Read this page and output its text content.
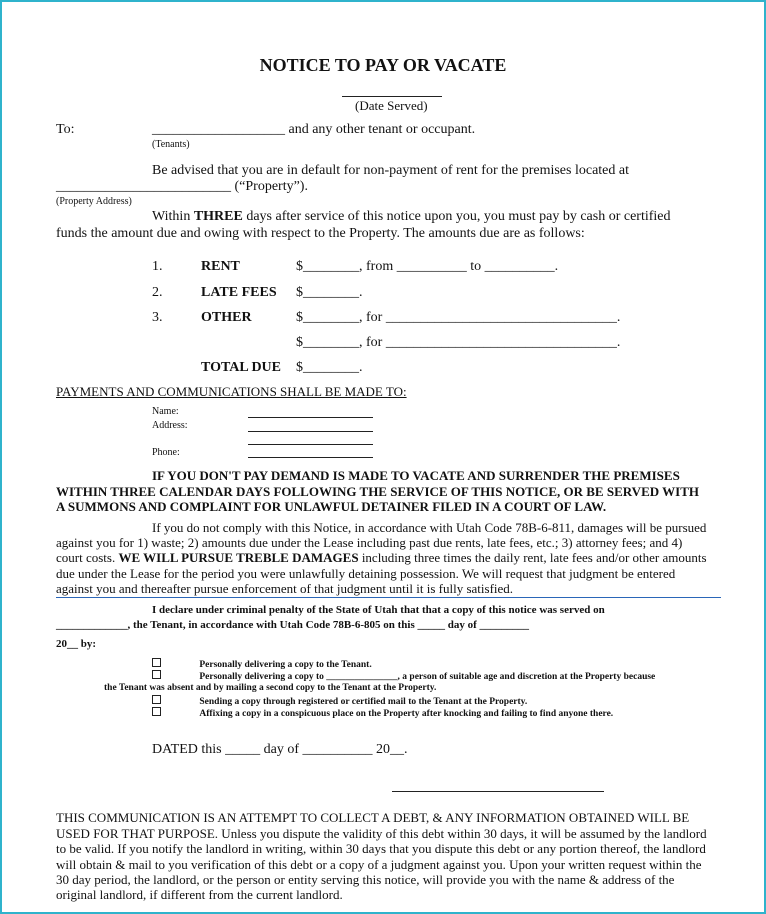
NOTICE TO PAY OR VACATE
(Date Served)
To:	___________________ and any other tenant or occupant.
(Tenants)
Be advised that you are in default for non-payment of rent for the premises located at
_________________________ (“Property”).
(Property Address)
Within THREE days after service of this notice upon you, you must pay by cash or certified
funds the amount due and owing with respect to the Property. The amounts due are as follows:
1.	RENT	$________, from __________ to __________.
2.	LATE FEES $________.
3.	OTHER	$________, for _________________________________.
$________, for _________________________________.
TOTAL DUE $________.
PAYMENTS AND COMMUNICATIONS SHALL BE MADE TO:
Name:
Address:
Phone:
IF YOU DON'T PAY DEMAND IS MADE TO VACATE AND SURRENDER THE PREMISES
WITHIN THREE CALENDAR DAYS FOLLOWING THE SERVICE OF THIS NOTICE, OR BE SERVED WITH
A SUMMONS AND COMPLAINT FOR UNLAWFUL DETAINER FILED IN A COURT OF LAW.
If you do not comply with this Notice, in accordance with Utah Code 78B-6-811, damages will be pursued
against you for 1) waste; 2) amounts due under the Lease including past due rents, late fees, etc.; 3) attorney fees; and 4)
court costs. WE WILL PURSUE TREBLE DAMAGES including three times the daily rent, late fees and/or other amounts
due under the Lease for the period you were unlawfully detaining possession. We will request that judgment be entered
against you and thereafter pursue enforcement of that judgment until it is fully satisfied.
I declare under criminal penalty of the State of Utah that that a copy of this notice was served on
_____________, the Tenant, in accordance with Utah Code 78B-6-805 on this _____ day of _________
20__ by:
Personally delivering a copy to the Tenant.
Personally delivering a copy to _______________, a person of suitable age and discretion at the Property because
the Tenant was absent and by mailing a second copy to the Tenant at the Property.
Sending a copy through registered or certified mail to the Tenant at the Property.
Affixing a copy in a conspicuous place on the Property after knocking and failing to find anyone there.
DATED this _____ day of __________ 20__.
THIS COMMUNICATION IS AN ATTEMPT TO COLLECT A DEBT, & ANY INFORMATION OBTAINED WILL BE
USED FOR THAT PURPOSE. Unless you dispute the validity of this debt within 30 days, it will be assumed by the landlord
to be valid. If you notify the landlord in writing, within 30 days that you dispute this debt or any portion thereof, the landlord
will obtain & mail to you verification of this debt or a copy of a judgment against you. Upon your written request within the
30 day period, the landlord, or the person or entity serving this notice, will provide you with the name & address of the
original landlord, if different from the current landlord.
